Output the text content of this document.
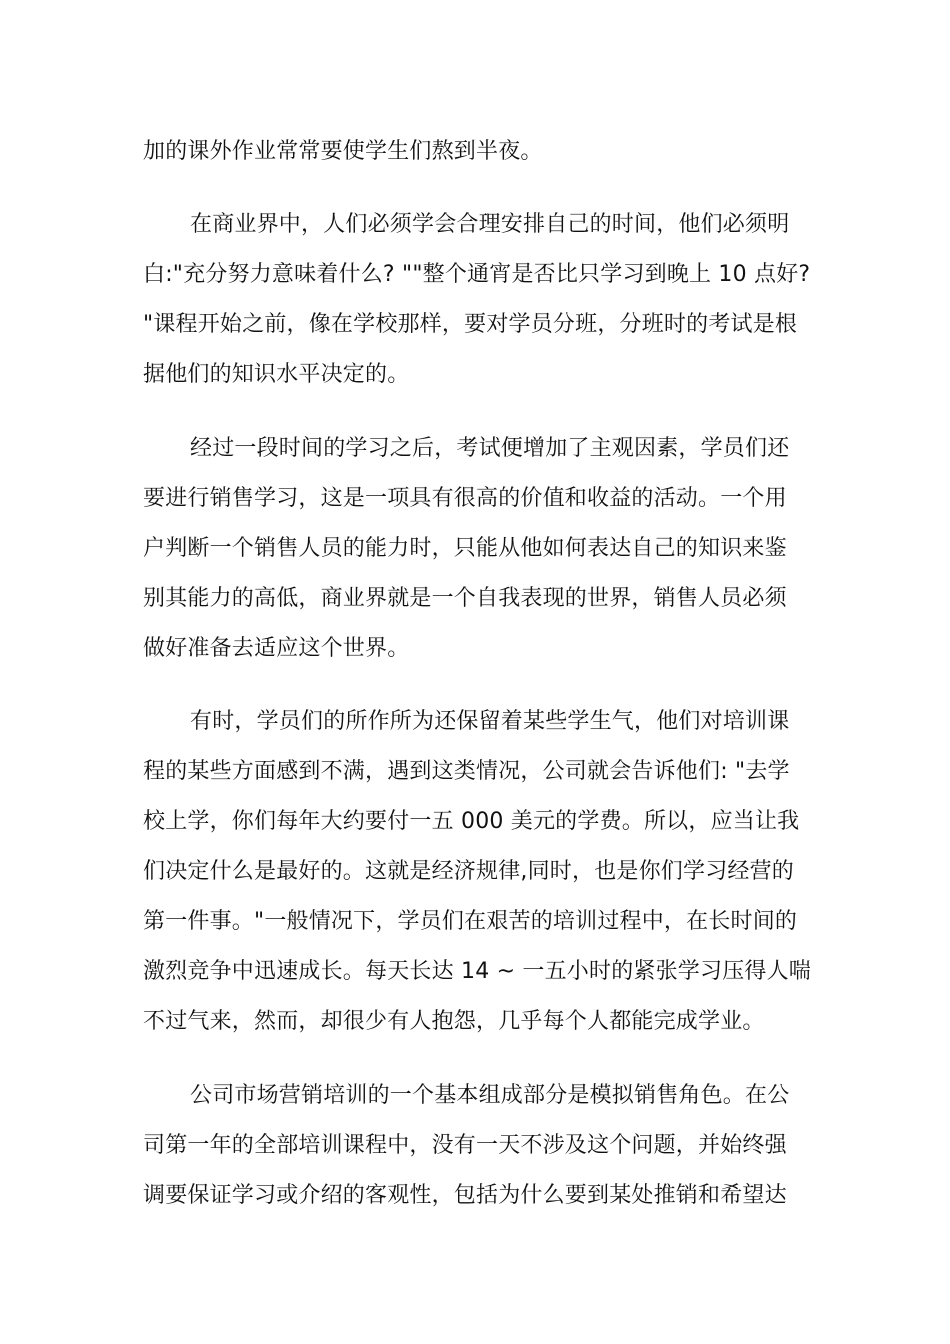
加的课外作业常常要使学生们熬到半夜。
在商业界中，人们必须学会合理安排自己的时间，他们必须明
白:"充分努力意味着什么? ""整个通宵是否比只学习到晚上 10 点好?
"课程开始之前，像在学校那样，要对学员分班，分班时的考试是根
据他们的知识水平决定的。
经过一段时间的学习之后，考试便增加了主观因素，学员们还
要进行销售学习，这是一项具有很高的价值和收益的活动。一个用
户判断一个销售人员的能力时，只能从他如何表达自己的知识来鉴
别其能力的高低，商业界就是一个自我表现的世界，销售人员必须
做好准备去适应这个世界。
有时，学员们的所作所为还保留着某些学生气，他们对培训课
程的某些方面感到不满，遇到这类情况，公司就会告诉他们: "去学
校上学，你们每年大约要付一五 000 美元的学费。所以，应当让我
们决定什么是最好的。这就是经济规律,同时，也是你们学习经营的
第一件事。"一般情况下，学员们在艰苦的培训过程中，在长时间的
激烈竞争中迅速成长。每天长达 14 ~ 一五小时的紧张学习压得人喘
不过气来，然而，却很少有人抱怨，几乎每个人都能完成学业。
公司市场营销培训的一个基本组成部分是模拟销售角色。在公
司第一年的全部培训课程中，没有一天不涉及这个问题，并始终强
调要保证学习或介绍的客观性，包括为什么要到某处推销和希望达
